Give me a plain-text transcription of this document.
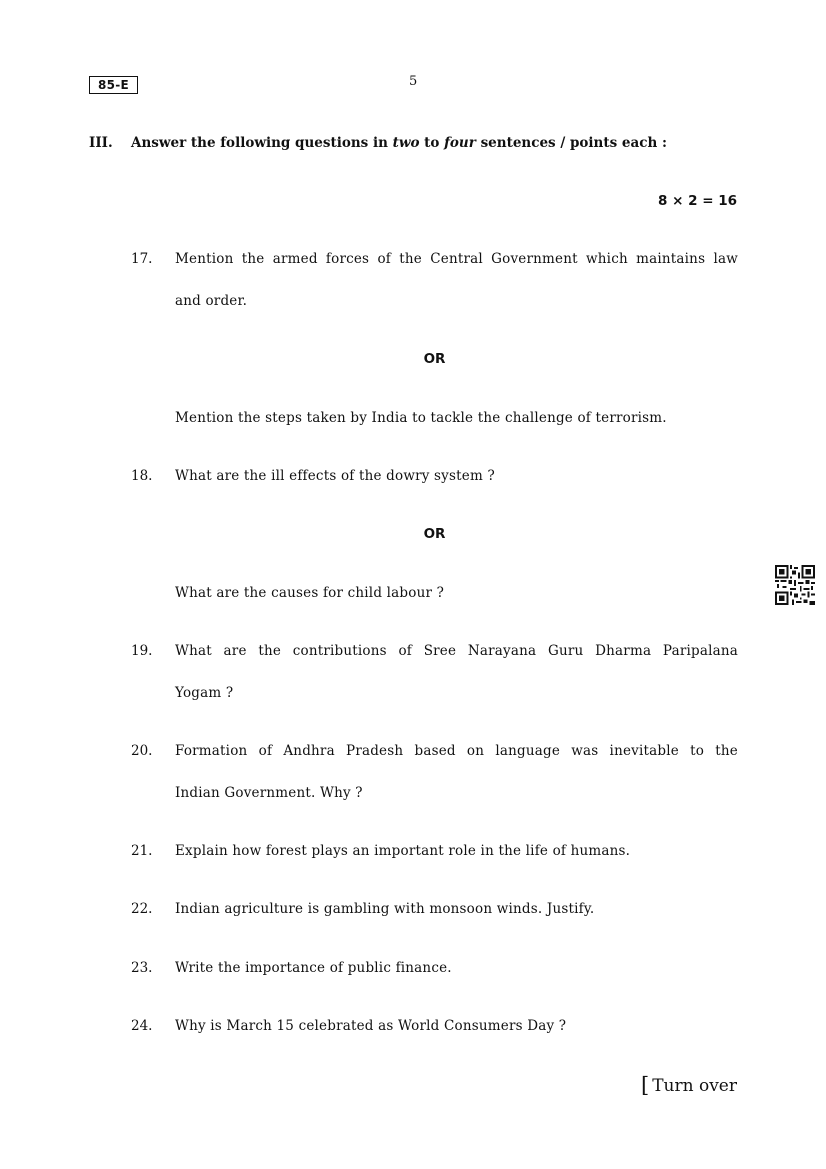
85-E	5
III. Answer the following questions in two to four sentences / points each :
8 × 2 = 16
17. Mention the armed forces of the Central Government which maintains law
and order.
OR
Mention the steps taken by India to tackle the challenge of terrorism.
18. What are the ill effects of the dowry system ?
OR
What are the causes for child labour ?
19. What are the contributions of Sree Narayana Guru Dharma Paripalana
Yogam ?
20. Formation of Andhra Pradesh based on language was inevitable to the
Indian Government. Why ?
21. Explain how forest plays an important role in the life of humans.
22. Indian agriculture is gambling with monsoon winds. Justify.
23. Write the importance of public finance.
24. Why is March 15 celebrated as World Consumers Day ?
[ Turn over
